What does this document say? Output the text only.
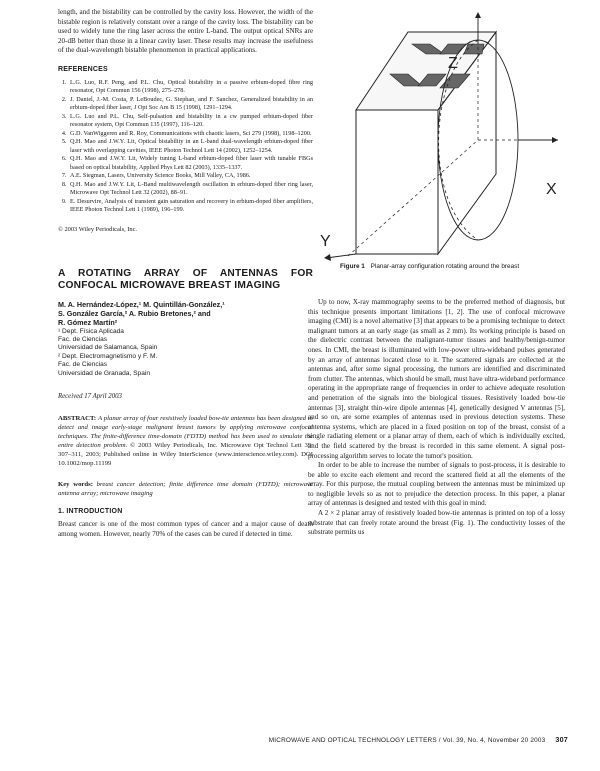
length, and the bistability can be controlled by the cavity loss. However, the width of the bistable region is relatively constant over a range of the cavity loss. The bistability can be used to widely tune the ring laser across the entire L-band. The output optical SNRs are 20-dB better than those in a linear cavity laser. These results may increase the usefulness of the dual-wavelength bistable phenomenon in practical applications.

REFERENCES
1. L.G. Luo, R.F. Peng, and P.L. Chu, Optical bistability in a passive erbium-doped fibre ring resonator, Opt Commun 156 (1998), 275–278.
2. J. Daniel, J.-M. Costa, P. LeBoudec, G. Stephan, and F. Sanchez, Generalized bistability in an erbium-doped fiber laser, J Opt Soc Am B 15 (1998), 1291–1294.
3. L.G. Luo and P.L. Chu, Self-pulsation and bistability in a cw pumped erbium-doped fiber resonator system, Opt Commun 135 (1997), 116–120.
4. G.D. VanWiggeren and R. Roy, Communications with chaotic lasers, Sci 279 (1998), 1198–1200.
5. Q.H. Mao and J.W.Y. Lit, Optical bistability in an L-band dual-wavelength erbium-doped fiber laser with overlapping cavities, IEEE Photon Technol Lett 14 (2002), 1252–1254.
6. Q.H. Mao and J.W.Y. Lit, Widely tuning L-band erbium-doped fiber laser with tunable FBGs based on optical bistability, Applied Phys Lett 82 (2003), 1335–1337.
7. A.E. Siegman, Lasers, University Science Books, Mill Valley, CA, 1986.
8. Q.H. Mao and J.W.Y. Lit, L-Band multiwavelength oscillation in erbium-doped fiber ring laser, Microwave Opt Technol Lett 32 (2002), 88–91.
9. E. Desurvire, Analysis of transient gain saturation and recovery in erbium-doped fiber amplifiers, IEEE Photon Technol Lett 1 (1989), 196–199.

© 2003 Wiley Periodicals, Inc.

A ROTATING ARRAY OF ANTENNAS FOR CONFOCAL MICROWAVE BREAST IMAGING
M. A. Hernández-López,¹ M. Quintillán-González,¹
S. González García,² A. Rubio Bretones,² and
R. Gómez Martín²
¹ Dept. Física Aplicada
Fac. de Ciencias
Universidad de Salamanca, Spain
² Dept. Electromagnetismo y F. M.
Fac. de Ciencias
Universidad de Granada, Spain

Received 17 April 2003

ABSTRACT: A planar array of four resistively loaded bow-tie antennas has been designed to detect and image early-stage malignant breast tumors by applying microwave confocal techniques. The finite-difference time-domain (FDTD) method has been used to simulate the entire detection problem. © 2003 Wiley Periodicals, Inc. Microwave Opt Technol Lett 39: 307–311, 2003; Published online in Wiley InterScience (www.interscience.wiley.com). DOI 10.1002/mop.11199

Key words: breast cancer detection; finite difference time domain (FDTD); microwave antenna array; microwave imaging

1. INTRODUCTION

Breast cancer is one of the most common types of cancer and a major cause of death among women. However, nearly 70% of the cases can be cured if detected in time.

Z
X
Y
Figure 1 Planar-array configuration rotating around the breast

Up to now, X-ray mammography seems to be the preferred method of diagnosis, but this technique presents important limitations [1, 2]. The use of confocal microwave imaging (CMI) is a novel alternative [3] that appears to be a promising technique to detect malignant tumors at an early stage (as small as 2 mm). Its working principle is based on the dielectric contrast between the malignant-tumor tissues and healthy/benign-tumor ones. In CMI, the breast is illuminated with low-power ultra-wideband pulses generated by an array of antennas located close to it. The scattered signals are collected at the antennas and, after some signal processing, the tumors are identified and discriminated from clutter. The antennas, which should be small, must have ultra-wideband performance operating in the appropriate range of frequencies in order to achieve adequate resolution and penetration of the signals into the biological tissues. Resistively loaded bow-tie antennas [3], straight thin-wire dipole antennas [4], genetically designed V antennas [5], and so on, are some examples of antennas used in previous detection systems. These antenna systems, which are placed in a fixed position on top of the breast, consist of a single radiating element or a planar array of them, each of which is individually excited, and the field scattered by the breast is recorded in this same element. A signal post-processing algorithm serves to locate the tumor's position.

In order to be able to increase the number of signals to post-process, it is desirable to be able to excite each element and record the scattered field at all the elements of the array. For this purpose, the mutual coupling between the antennas must be minimized up to negligible levels so as not to prejudice the detection process. In this paper, a planar array of antennas is designed and tested with this goal in mind.

A 2 × 2 planar array of resistively loaded bow-tie antennas is printed on top of a lossy substrate that can freely rotate around the breast (Fig. 1). The conductivity losses of the substrate permits us

MICROWAVE AND OPTICAL TECHNOLOGY LETTERS / Vol. 39, No. 4, November 20 2003 307
